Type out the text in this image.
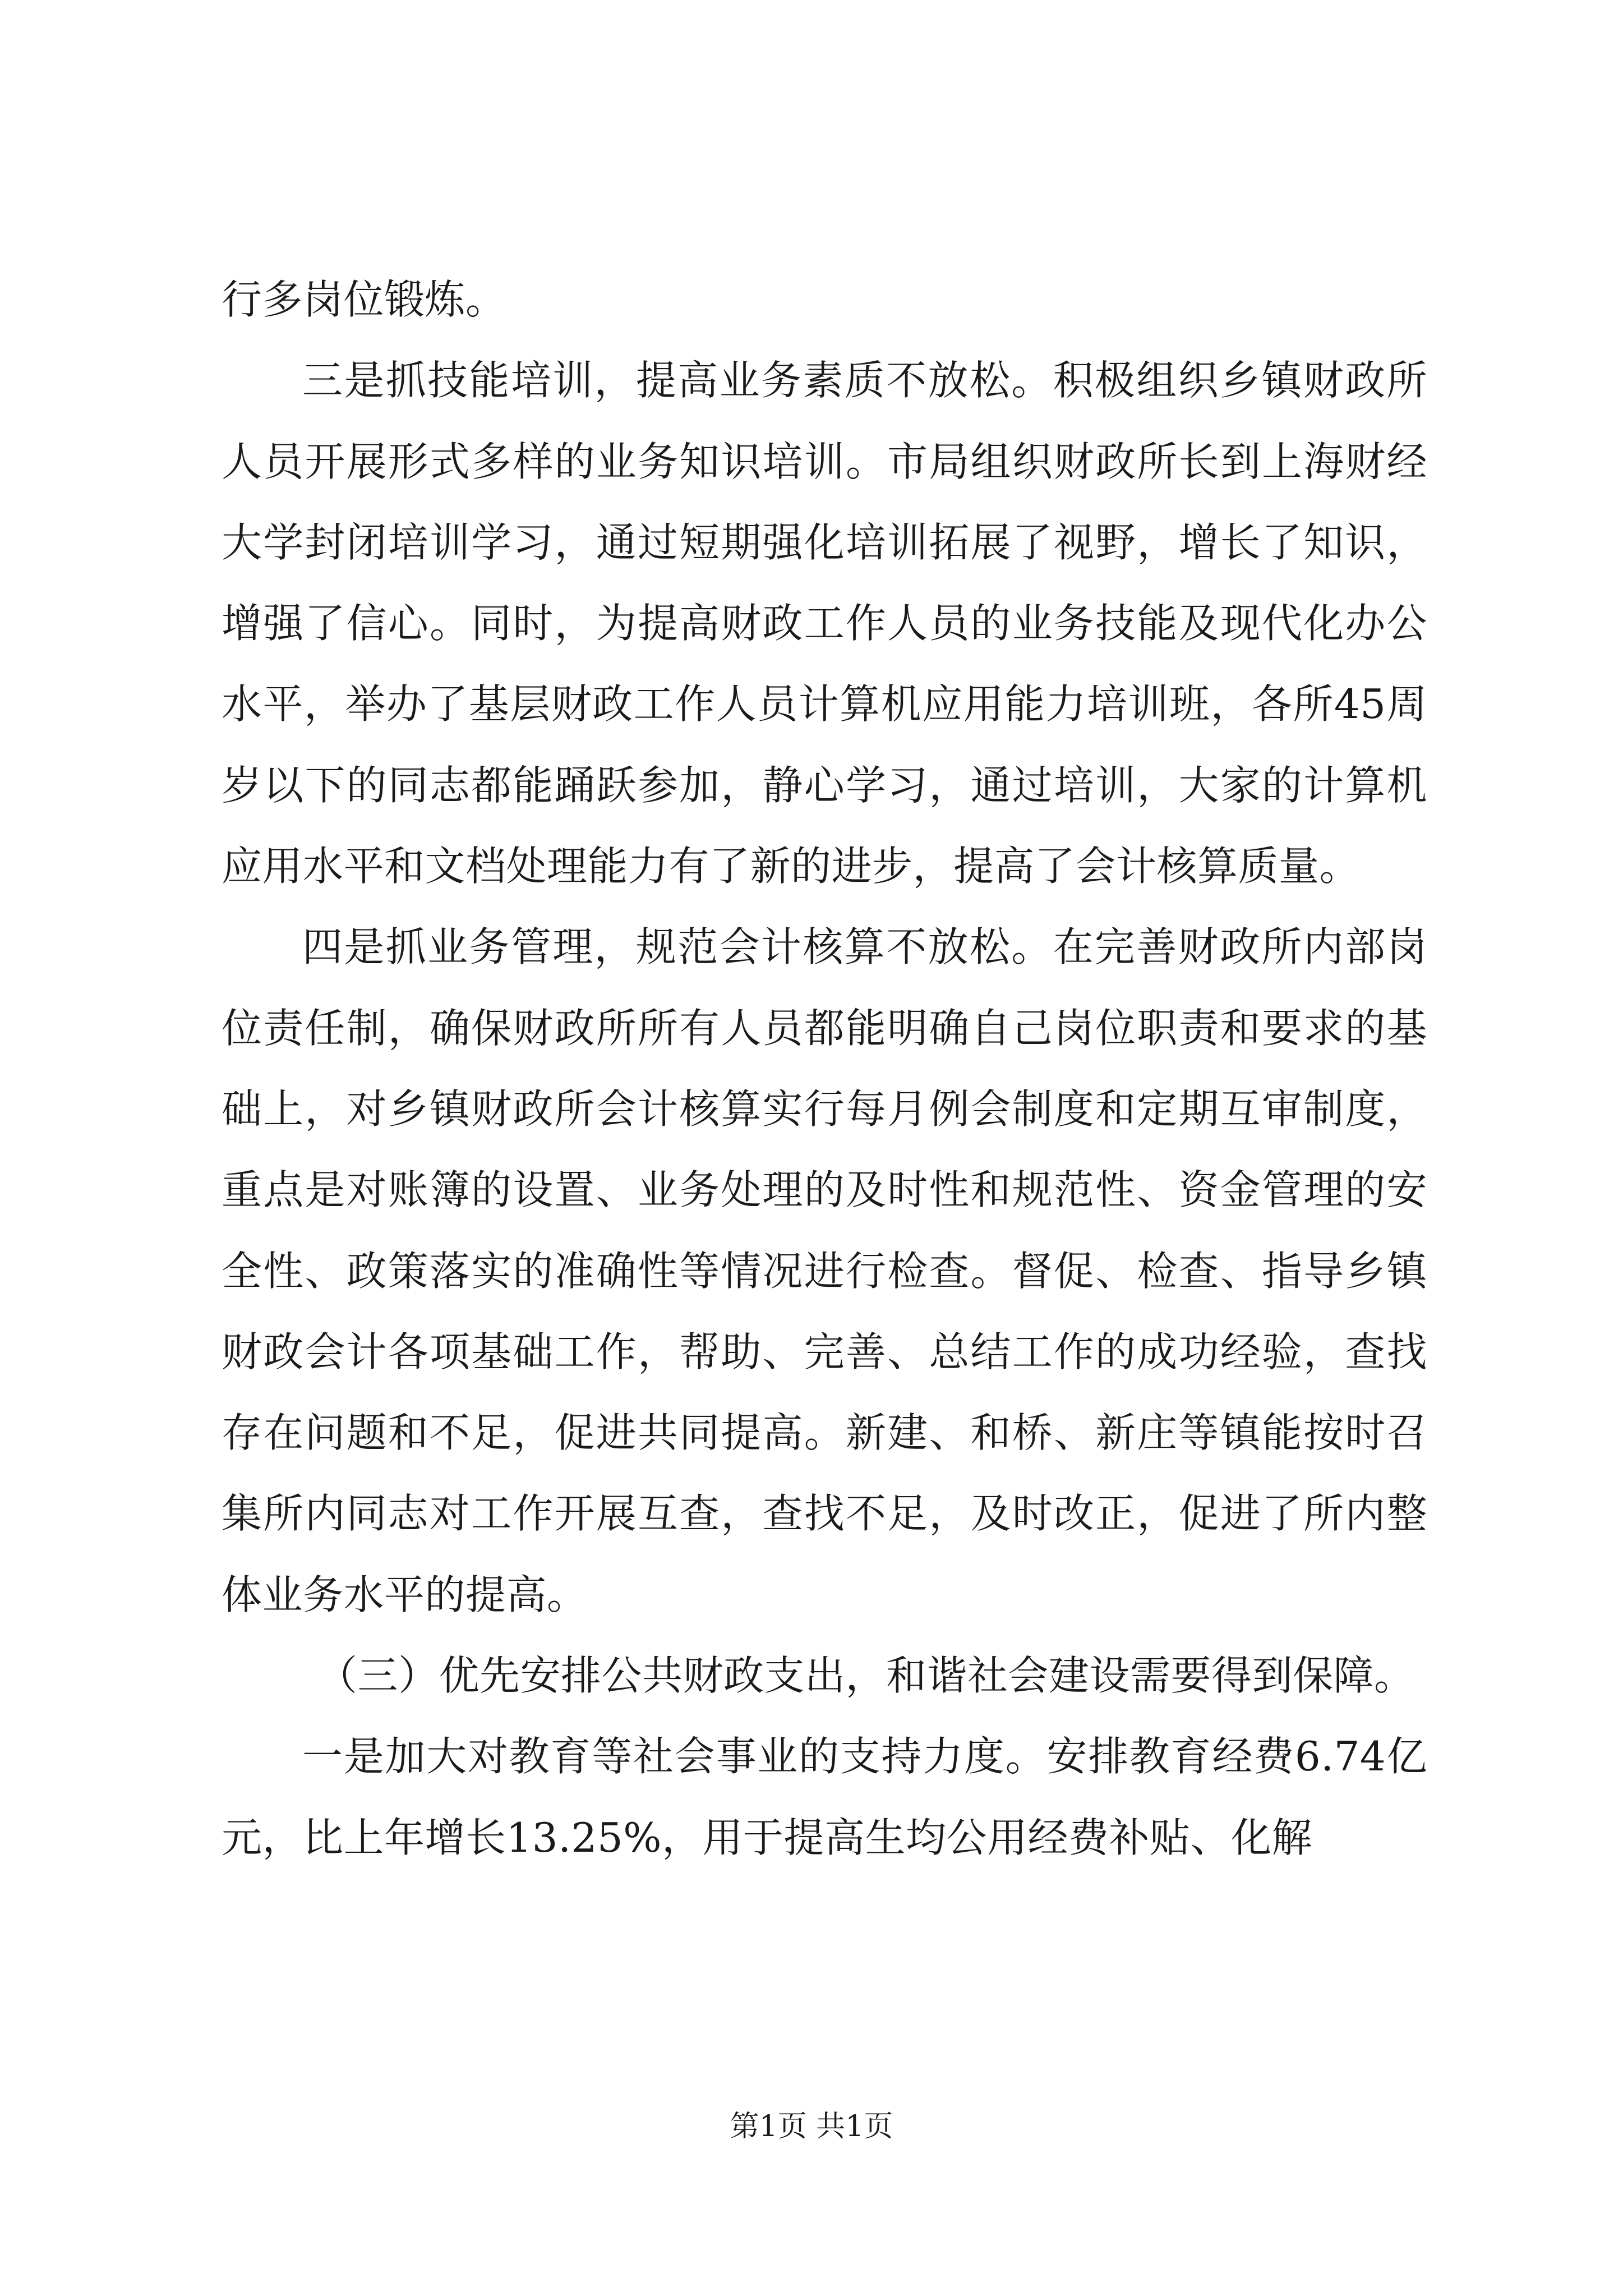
行多岗位锻炼。

三是抓技能培训，提高业务素质不放松。积极组织乡镇财政所人员开展形式多样的业务知识培训。市局组织财政所长到上海财经大学封闭培训学习，通过短期强化培训拓展了视野，增长了知识，增强了信心。同时，为提高财政工作人员的业务技能及现代化办公水平，举办了基层财政工作人员计算机应用能力培训班，各所45周岁以下的同志都能踊跃参加，静心学习，通过培训，大家的计算机应用水平和文档处理能力有了新的进步，提高了会计核算质量。

四是抓业务管理，规范会计核算不放松。在完善财政所内部岗位责任制，确保财政所所有人员都能明确自己岗位职责和要求的基础上，对乡镇财政所会计核算实行每月例会制度和定期互审制度，重点是对账簿的设置、业务处理的及时性和规范性、资金管理的安全性、政策落实的准确性等情况进行检查。督促、检查、指导乡镇财政会计各项基础工作，帮助、完善、总结工作的成功经验，查找存在问题和不足，促进共同提高。新建、和桥、新庄等镇能按时召集所内同志对工作开展互查，查找不足，及时改正，促进了所内整体业务水平的提高。

（三）优先安排公共财政支出，和谐社会建设需要得到保障。

一是加大对教育等社会事业的支持力度。安排教育经费6.74亿元，比上年增长13.25%，用于提高生均公用经费补贴、化解

第1页 共1页
